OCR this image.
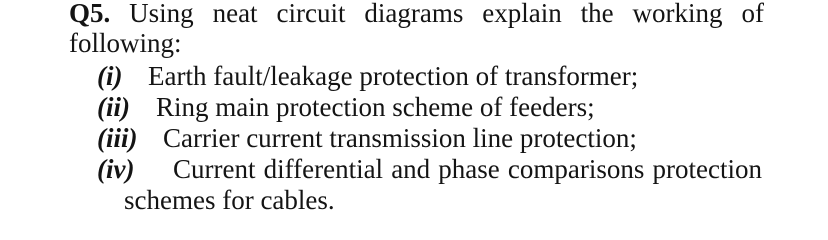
Q5. Using neat circuit diagrams explain the working of
following:
(i) Earth fault/leakage protection of transformer;
(ii) Ring main protection scheme of feeders;
(iii) Carrier current transmission line protection;
(iv)	Current differential and phase comparisons protection
schemes for cables.
